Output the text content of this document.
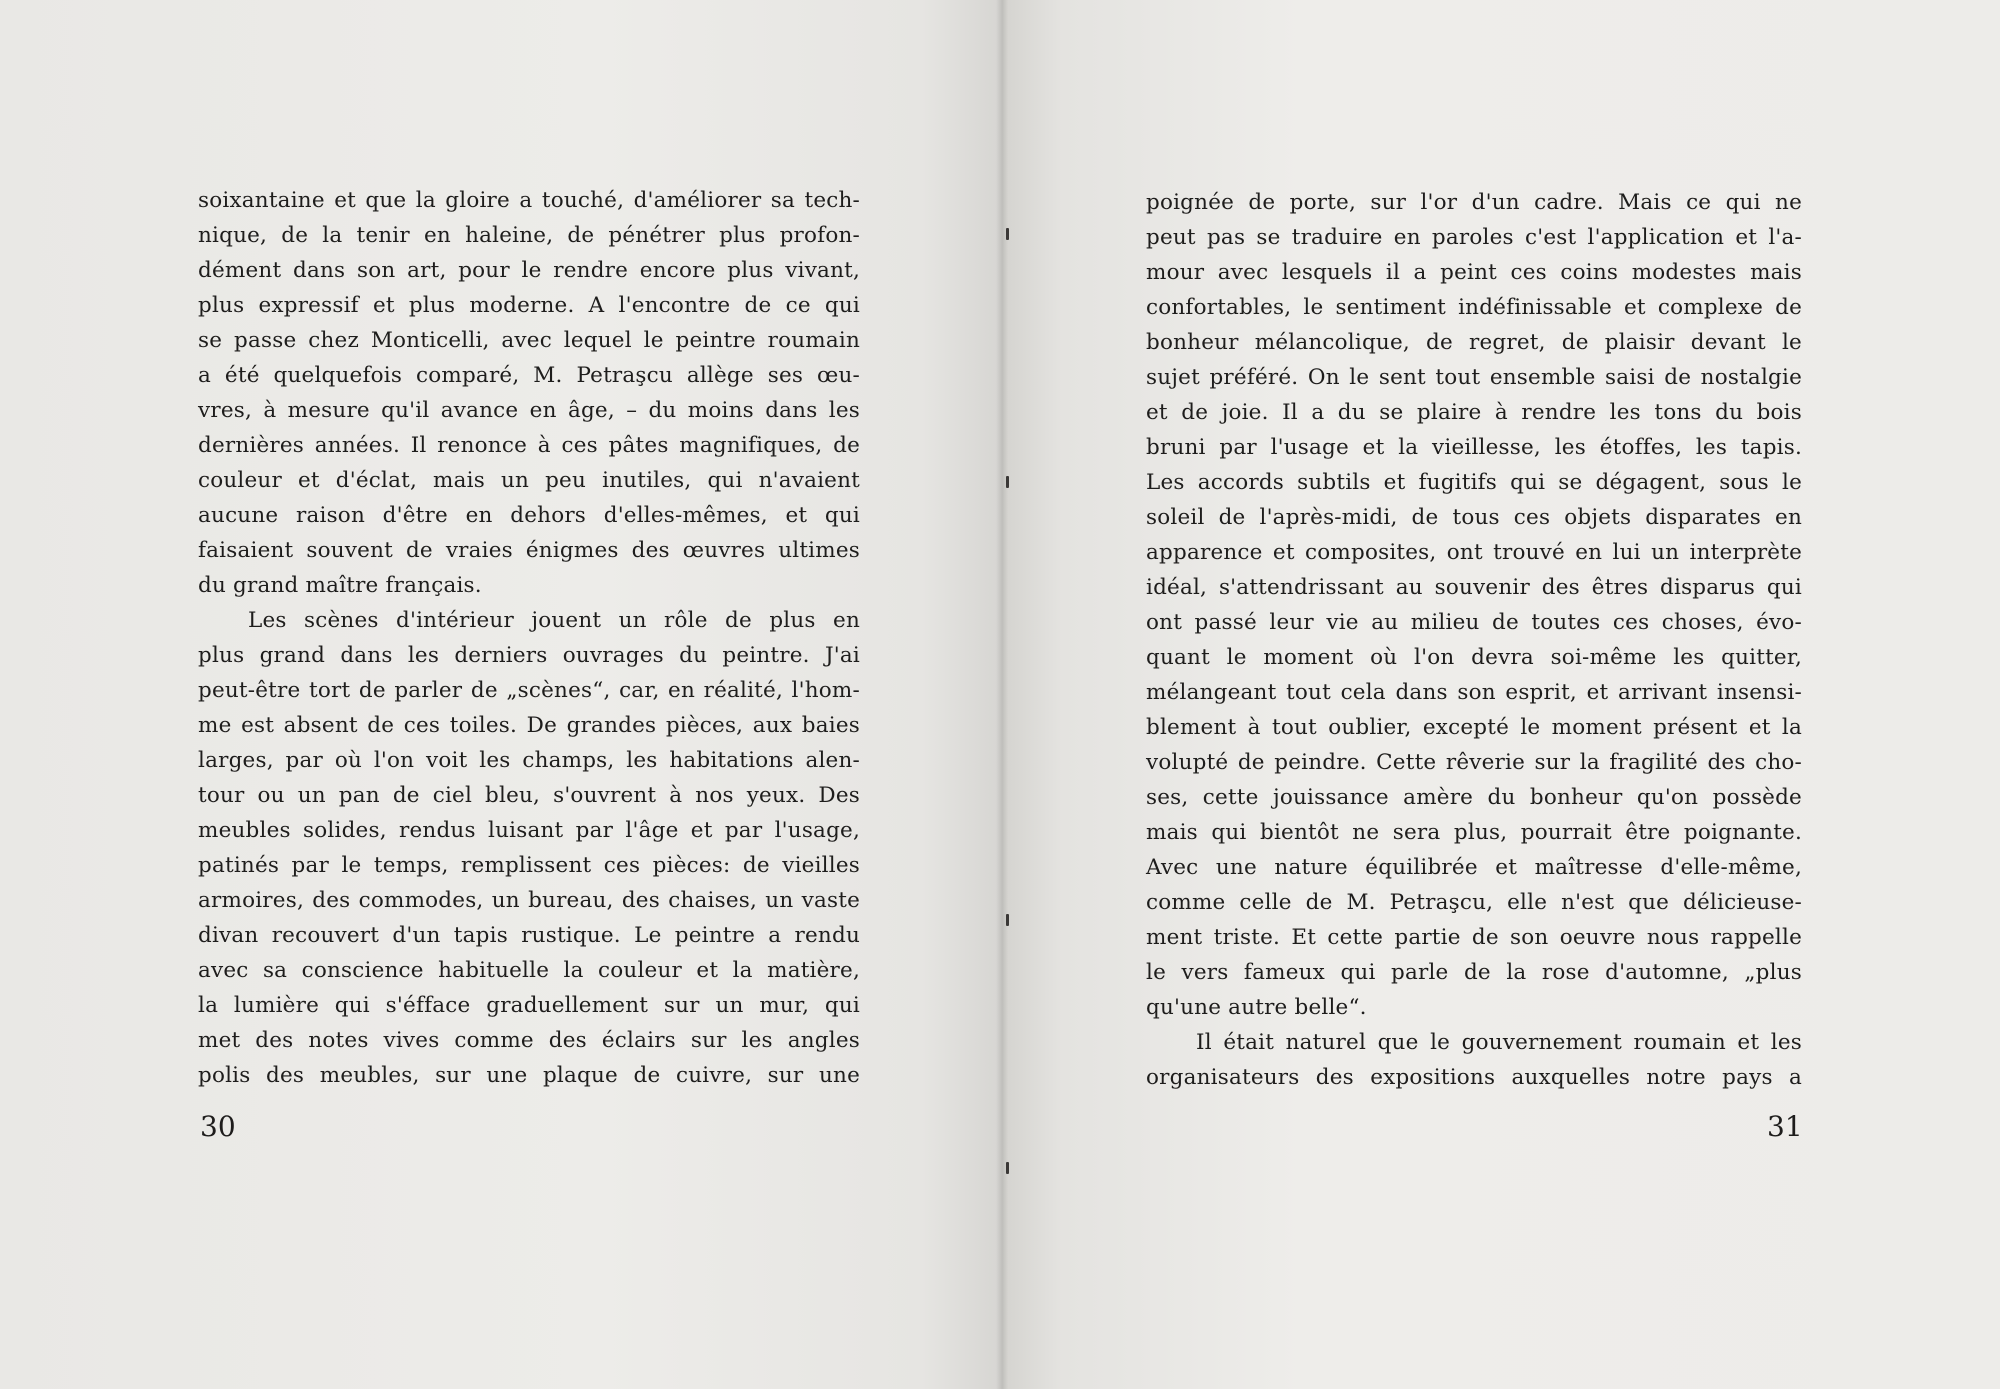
soixantaine et que la gloire a touché, d'améliorer sa tech-
nique, de la tenir en haleine, de pénétrer plus profon-
dément dans son art, pour le rendre encore plus vivant,
plus expressif et plus moderne. A l'encontre de ce qui
se passe chez Monticelli, avec lequel le peintre roumain
a été quelquefois comparé, M. Petraşcu allège ses œu-
vres, à mesure qu'il avance en âge, – du moins dans les
dernières années. Il renonce à ces pâtes magnifiques, de
couleur et d'éclat, mais un peu inutiles, qui n'avaient
aucune raison d'être en dehors d'elles-mêmes, et qui
faisaient souvent de vraies énigmes des œuvres ultimes
du grand maître français.
Les scènes d'intérieur jouent un rôle de plus en
plus grand dans les derniers ouvrages du peintre. J'ai
peut-être tort de parler de „scènes“, car, en réalité, l'hom-
me est absent de ces toiles. De grandes pièces, aux baies
larges, par où l'on voit les champs, les habitations alen-
tour ou un pan de ciel bleu, s'ouvrent à nos yeux. Des
meubles solides, rendus luisant par l'âge et par l'usage,
patinés par le temps, remplissent ces pièces: de vieilles
armoires, des commodes, un bureau, des chaises, un vaste
divan recouvert d'un tapis rustique. Le peintre a rendu
avec sa conscience habituelle la couleur et la matière,
la lumière qui s'éfface graduellement sur un mur, qui
met des notes vives comme des éclairs sur les angles
polis des meubles, sur une plaque de cuivre, sur une
poignée de porte, sur l'or d'un cadre. Mais ce qui ne
peut pas se traduire en paroles c'est l'application et l'a-
mour avec lesquels il a peint ces coins modestes mais
confortables, le sentiment indéfinissable et complexe de
bonheur mélancolique, de regret, de plaisir devant le
sujet préféré. On le sent tout ensemble saisi de nostalgie
et de joie. Il a du se plaire à rendre les tons du bois
bruni par l'usage et la vieillesse, les étoffes, les tapis.
Les accords subtils et fugitifs qui se dégagent, sous le
soleil de l'après-midi, de tous ces objets disparates en
apparence et composites, ont trouvé en lui un interprète
idéal, s'attendrissant au souvenir des êtres disparus qui
ont passé leur vie au milieu de toutes ces choses, évo-
quant le moment où l'on devra soi-même les quitter,
mélangeant tout cela dans son esprit, et arrivant insensi-
blement à tout oublier, excepté le moment présent et la
volupté de peindre. Cette rêverie sur la fragilité des cho-
ses, cette jouissance amère du bonheur qu'on possède
mais qui bientôt ne sera plus, pourrait être poignante.
Avec une nature équilibrée et maîtresse d'elle-même,
comme celle de M. Petraşcu, elle n'est que délicieuse-
ment triste. Et cette partie de son oeuvre nous rappelle
le vers fameux qui parle de la rose d'automne, „plus
qu'une autre belle“.
Il était naturel que le gouvernement roumain et les
organisateurs des expositions auxquelles notre pays a
30	31
